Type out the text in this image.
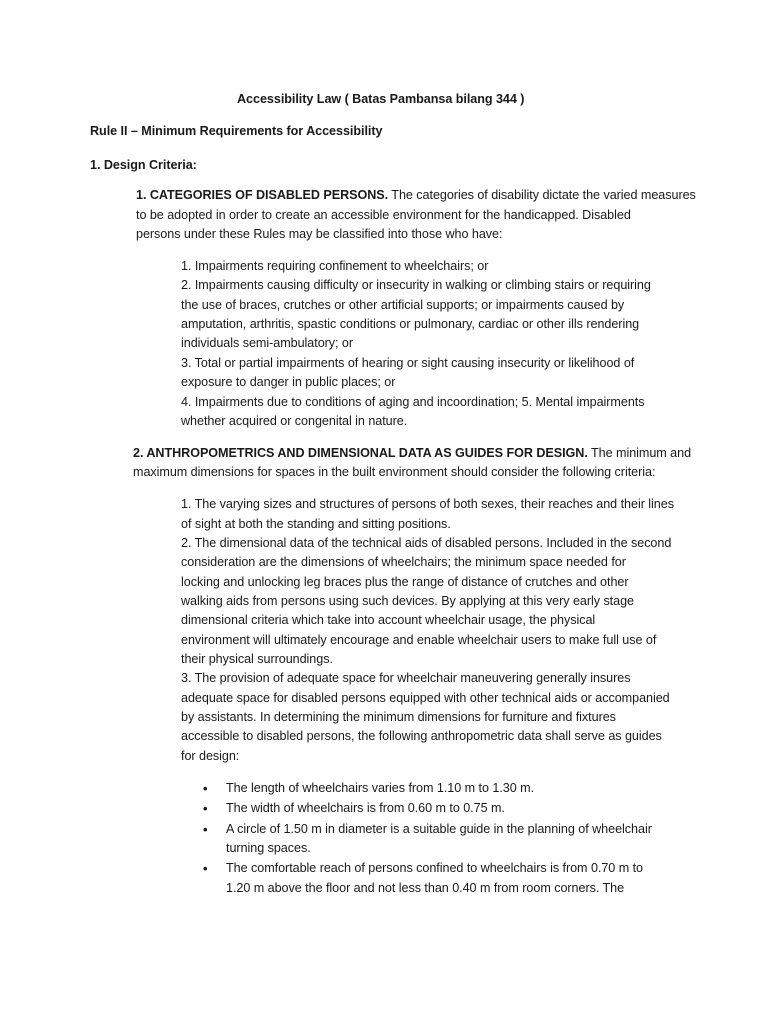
Accessibility Law ( Batas Pambansa bilang 344 )

Rule II – Minimum Requirements for Accessibility

1. Design Criteria:

1. CATEGORIES OF DISABLED PERSONS. The categories of disability dictate the varied measures

to be adopted in order to create an accessible environment for the handicapped. Disabled

persons under these Rules may be classified into those who have:

1. Impairments requiring confinement to wheelchairs; or

2. Impairments causing difficulty or insecurity in walking or climbing stairs or requiring

the use of braces, crutches or other artificial supports; or impairments caused by

amputation, arthritis, spastic conditions or pulmonary, cardiac or other ills rendering

individuals semi-ambulatory; or

3. Total or partial impairments of hearing or sight causing insecurity or likelihood of

exposure to danger in public places; or

4. Impairments due to conditions of aging and incoordination; 5. Mental impairments

whether acquired or congenital in nature.

2. ANTHROPOMETRICS AND DIMENSIONAL DATA AS GUIDES FOR DESIGN. The minimum and

maximum dimensions for spaces in the built environment should consider the following criteria:

1. The varying sizes and structures of persons of both sexes, their reaches and their lines

of sight at both the standing and sitting positions.

2. The dimensional data of the technical aids of disabled persons. Included in the second

consideration are the dimensions of wheelchairs; the minimum space needed for

locking and unlocking leg braces plus the range of distance of crutches and other

walking aids from persons using such devices. By applying at this very early stage

dimensional criteria which take into account wheelchair usage, the physical

environment will ultimately encourage and enable wheelchair users to make full use of

their physical surroundings.

3. The provision of adequate space for wheelchair maneuvering generally insures

adequate space for disabled persons equipped with other technical aids or accompanied

by assistants. In determining the minimum dimensions for furniture and fixtures

accessible to disabled persons, the following anthropometric data shall serve as guides

for design:

• The length of wheelchairs varies from 1.10 m to 1.30 m.

• The width of wheelchairs is from 0.60 m to 0.75 m.

• A circle of 1.50 m in diameter is a suitable guide in the planning of wheelchair

turning spaces.

• The comfortable reach of persons confined to wheelchairs is from 0.70 m to

1.20 m above the floor and not less than 0.40 m from room corners. The
